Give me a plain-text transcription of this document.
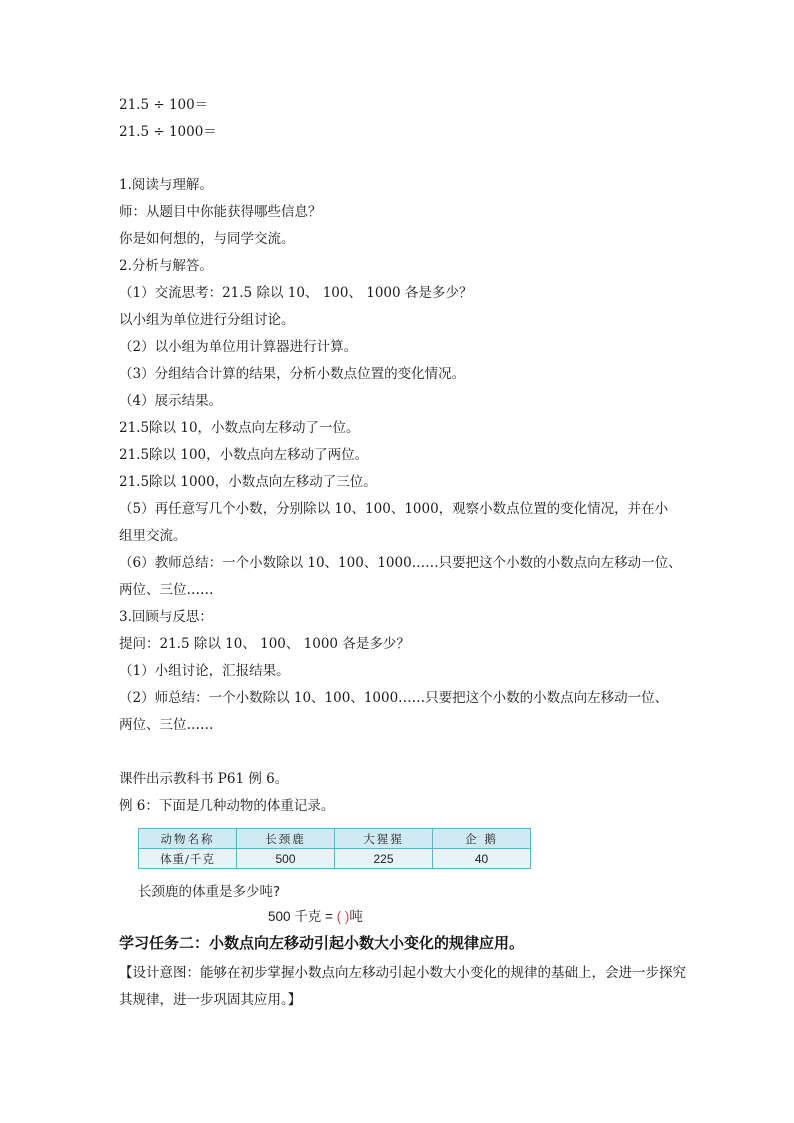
21.5 ÷ 100＝
21.5 ÷ 1000＝
1.阅读与理解。
师：从题目中你能获得哪些信息？
你是如何想的，与同学交流。
2.分析与解答。
（1）交流思考：21.5 除以 10、 100、 1000 各是多少？
以小组为单位进行分组讨论。
（2）以小组为单位用计算器进行计算。
（3）分组结合计算的结果，分析小数点位置的变化情况。
（4）展示结果。
21.5除以 10，小数点向左移动了一位。
21.5除以 100，小数点向左移动了两位。
21.5除以 1000，小数点向左移动了三位。
（5）再任意写几个小数，分别除以 10、100、1000，观察小数点位置的变化情况，并在小
组里交流。
（6）教师总结：一个小数除以 10、100、1000……只要把这个小数的小数点向左移动一位、
两位、三位……
3.回顾与反思：
提问：21.5 除以 10、 100、 1000 各是多少？
（1）小组讨论，汇报结果。
（2）师总结：一个小数除以 10、100、1000……只要把这个小数的小数点向左移动一位、
两位、三位……
课件出示教科书 P61 例 6。
例 6：下面是几种动物的体重记录。
动物名称	长颈鹿	大猩猩	企 鹅
体重/千克	500	225	40
长颈鹿的体重是多少吨?
500 千克 = ( )吨
学习任务二：小数点向左移动引起小数大小变化的规律应用。
【设计意图：能够在初步掌握小数点向左移动引起小数大小变化的规律的基础上，会进一步探究其规律，进一步巩固其应用。】
